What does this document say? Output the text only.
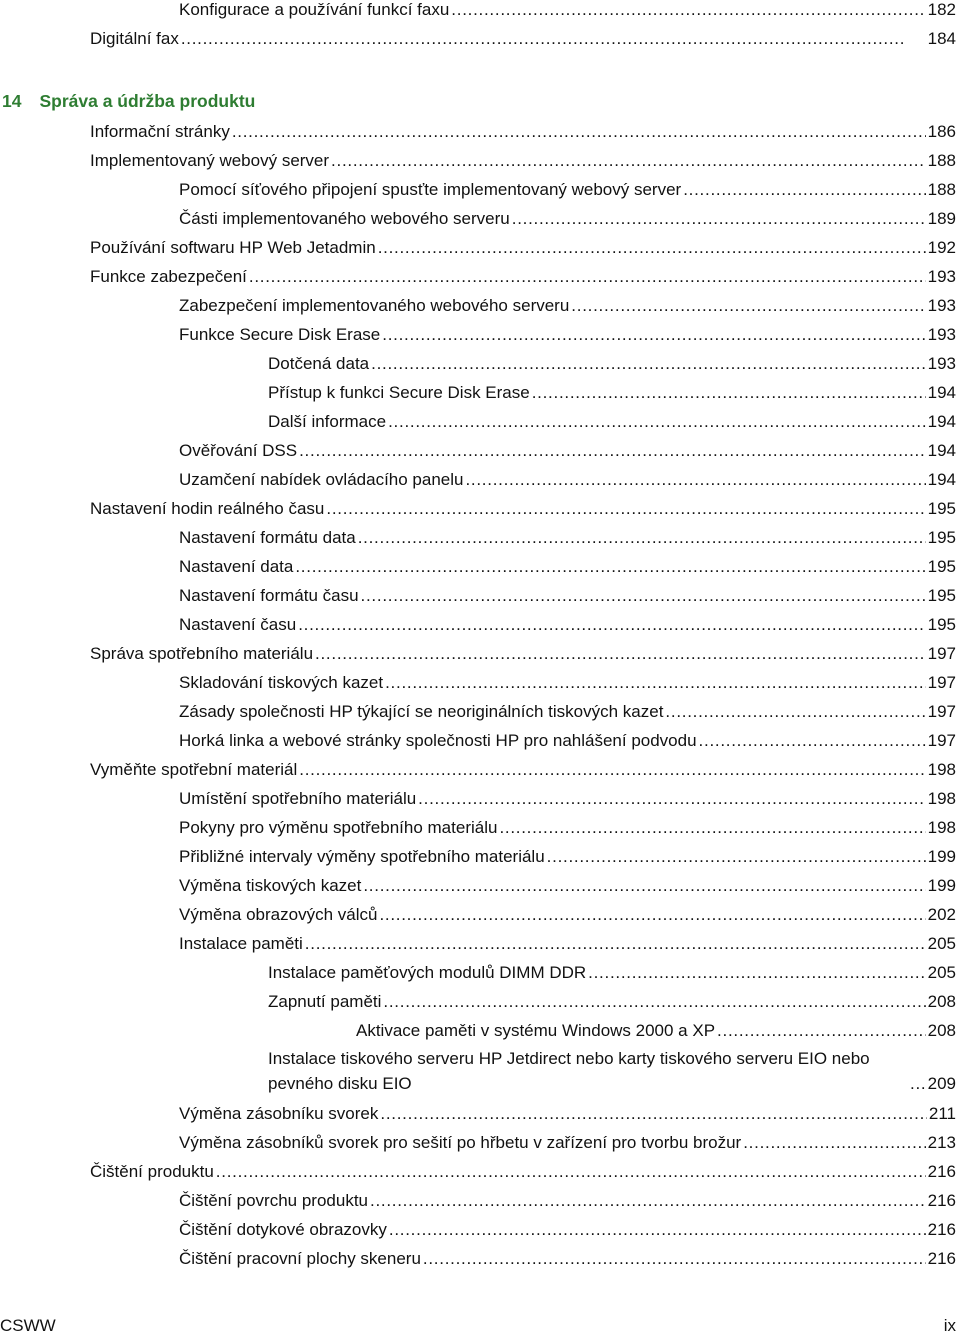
Konfigurace a používání funkcí faxu . . .	182
Digitální fax . . .	184
14 Správa a údržba produktu
Informační stránky . . .	186
Implementovaný webový server . . .	188
Pomocí síťového připojení spusťte implementovaný webový server . . .	188
Části implementovaného webového serveru . . .	189
Používání softwaru HP Web Jetadmin . . .	192
Funkce zabezpečení . . .	193
Zabezpečení implementovaného webového serveru . . .	193
Funkce Secure Disk Erase . . .	193
Dotčená data . . .	193
Přístup k funkci Secure Disk Erase . . .	194
Další informace . . .	194
Ověřování DSS . . .	194
Uzamčení nabídek ovládacího panelu . . .	194
Nastavení hodin reálného času . . .	195
Nastavení formátu data . . .	195
Nastavení data . . .	195
Nastavení formátu času . . .	195
Nastavení času . . .	195
Správa spotřebního materiálu . . .	197
Skladování tiskových kazet . . .	197
Zásady společnosti HP týkající se neoriginálních tiskových kazet . . .	197
Horká linka a webové stránky společnosti HP pro nahlášení podvodu . . .	197
Vyměňte spotřební materiál . . .	198
Umístění spotřebního materiálu . . .	198
Pokyny pro výměnu spotřebního materiálu . . .	198
Přibližné intervaly výměny spotřebního materiálu . . .	199
Výměna tiskových kazet . . .	199
Výměna obrazových válců . . .	202
Instalace paměti . . .	205
Instalace paměťových modulů DIMM DDR . . .	205
Zapnutí paměti . . .	208
Aktivace paměti v systému Windows 2000 a XP . . .	208
Instalace tiskového serveru HP Jetdirect nebo karty tiskového serveru EIO nebo pevného disku EIO . . .	209
Výměna zásobníku svorek . . .	211
Výměna zásobníků svorek pro sešití po hřbetu v zařízení pro tvorbu brožur . . .	213
Čištění produktu . . .	216
Čištění povrchu produktu . . .	216
Čištění dotykové obrazovky . . .	216
Čištění pracovní plochy skeneru . . .	216
CSWW	ix
